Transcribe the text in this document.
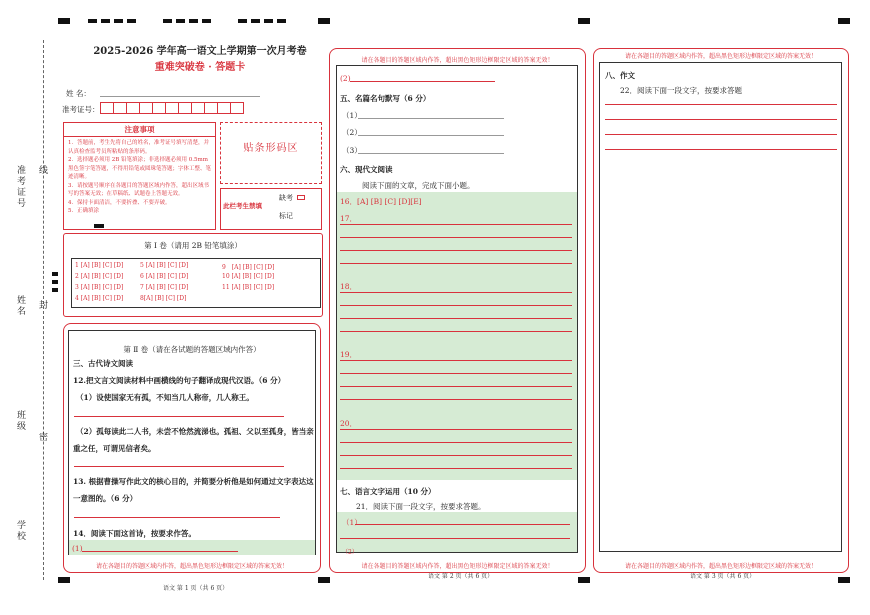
准考证号 线
姓名 封
班级
密
学校
2025-2026 学年高一语文上学期第一次月考卷
重难突破卷 · 答题卡
姓 名：
准考证号：
注意事项
1．答题前，考生先将自己的姓名，准考证号填写清楚，并认真检查监考员所粘贴的条形码。
2．选择题必须用 2B 铅笔填涂；非选择题必须用 0.5mm 黑色签字笔答题，不得用铅笔或圆珠笔答题；字体工整、笔迹清晰。
3．请按题号顺序在各题目的答题区域内作答，超出区域书写的答案无效；在草稿纸、试题卷上答题无效。
4．保持卡面清洁，不要折叠、不要弄破。
5．正确填涂
贴条形码区
此栏考生禁填
缺考
标记
第 Ⅰ 卷（请用 2B 铅笔填涂）
第 Ⅱ 卷（请在各试题的答题区域内作答）
三、古代诗文阅读
12.把文言文阅读材料中画横线的句子翻译成现代汉语。（6 分）
（1）设使国家无有孤，不知当几人称帝，几人称王。
（2）孤每读此二人书，未尝不怆然流涕也。孤祖、父以至孤身，皆当亲
重之任，可谓见信者矣。
13. 根据曹操写作此文的核心目的，并简要分析他是如何通过文字表达这
一意图的。（6 分）
14．阅读下面这首诗，按要求作答。
(1)
请在各题目的答题区域内作答，超出黑色矩形边框限定区域的答案无效！
语文 第 1 页（共 6 页）
请在各题目的答题区域内作答，超出黑色矩形边框限定区域的答案无效！
(2)
五、名篇名句默写（6 分）
（1）
（2）
（3）
六、现代文阅读
阅读下面的文章，完成下面小题。
16．[A] [B] [C] [D][E]
17．
18．
19．
20．
七、语言文字运用（10 分）
21．阅读下面一段文字，按要求答题。
（1）
（2）
请在各题目的答题区域内作答，超出黑色矩形边框限定区域的答案无效！
语文 第 2 页（共 6 页）
请在各题目的答题区域内作答，超出黑色矩形边框限定区域的答案无效！
八、作文
22．阅读下面一段文字，按要求答题
请在各题目的答题区域内作答，超出黑色矩形边框限定区域的答案无效！
语文 第 3 页（共 6 页）
1 [A] [B] [C] [D]	5 [A] [B] [C] [D]	9　[A] [B] [C] [D]
2 [A] [B] [C] [D]	6 [A] [B] [C] [D]	10 [A] [B] [C] [D]
3 [A] [B] [C] [D]	7 [A] [B] [C] [D]	11 [A] [B] [C] [D]
4 [A] [B] [C] [D]	8[A] [B] [C] [D]
